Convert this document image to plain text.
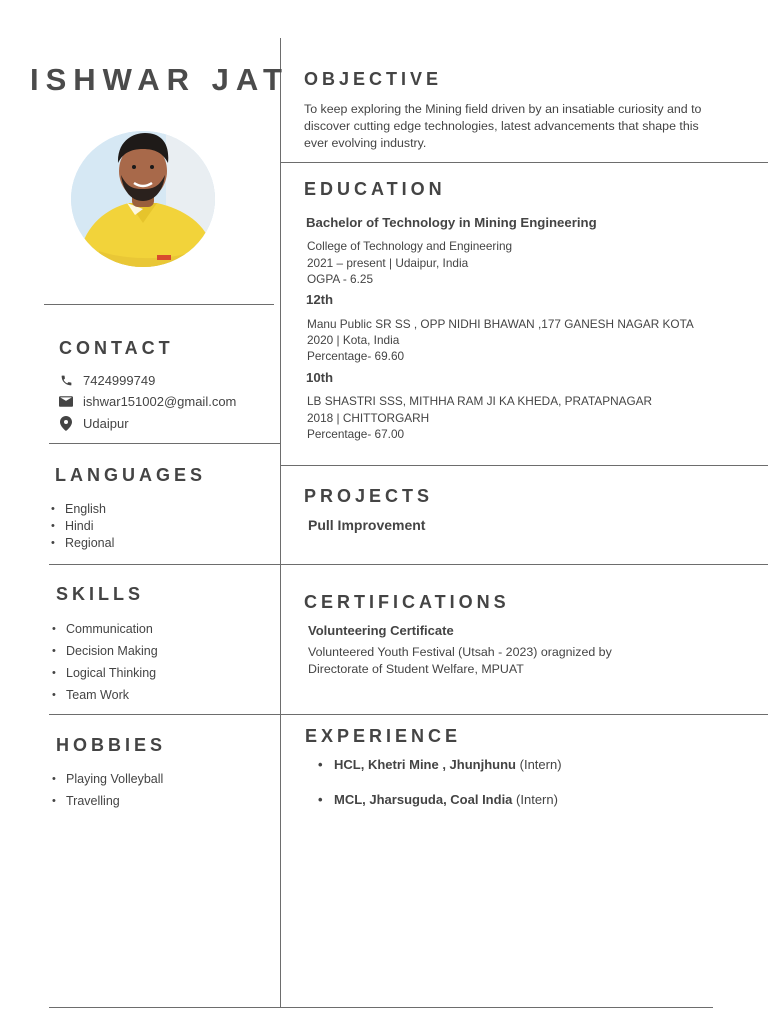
ISHWAR JAT
CONTACT
7424999749
ishwar151002@gmail.com
Udaipur
LANGUAGES
• English
• Hindi
• Regional
SKILLS
• Communication
• Decision Making
• Logical Thinking
• Team Work
HOBBIES
• Playing Volleyball
• Travelling
OBJECTIVE
To keep exploring the Mining field driven by an insatiable curiosity and to discover cutting edge technologies, latest advancements that shape this ever evolving industry.
EDUCATION
Bachelor of Technology in Mining Engineering
College of Technology and Engineering
2021 – present | Udaipur, India
OGPA - 6.25
12th
Manu Public SR SS , OPP NIDHI BHAWAN ,177 GANESH NAGAR KOTA
2020 | Kota, India
Percentage- 69.60
10th
LB SHASTRI SSS, MITHHA RAM JI KA KHEDA, PRATAPNAGAR
2018 | CHITTORGARH
Percentage- 67.00
PROJECTS
Pull Improvement
CERTIFICATIONS
Volunteering Certificate
Volunteered Youth Festival (Utsah - 2023) oragnized by Directorate of Student Welfare, MPUAT
EXPERIENCE
• HCL, Khetri Mine , Jhunjhunu (Intern)
• MCL, Jharsuguda, Coal India (Intern)
